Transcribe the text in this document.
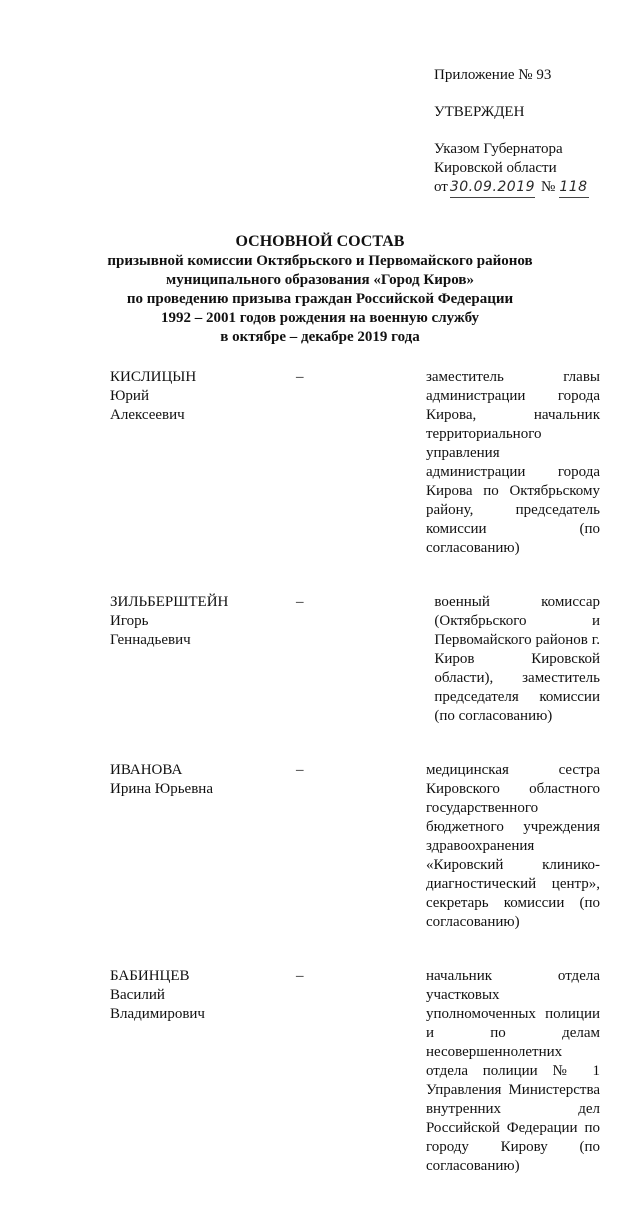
Приложение № 93

УТВЕРЖДЕН

Указом Губернатора

Кировской области

от 30.09.2019 № 118

ОСНОВНОЙ СОСТАВ
призывной комиссии Октябрьского и Первомайского районов
муниципального образования «Город Киров»
по проведению призыва граждан Российской Федерации
1992 – 2001 годов рождения на военную службу
в октябре – декабре 2019 года
КИСЛИЦЫН
Юрий Алексеевич
–	заместитель главы администрации города Кирова, начальник территориального управления администрации города Кирова по Октябрьскому району, председатель комиссии (по согласованию)
ЗИЛЬБЕРШТЕЙН
Игорь Геннадьевич
–	военный комиссар (Октябрьского и Первомайского районов г. Киров Кировской области), заместитель председателя комиссии (по согласованию)
ИВАНОВА
Ирина Юрьевна
–	медицинская сестра Кировского областного государственного бюджетного учреждения здравоохранения «Кировский клинико-диагностический центр», секретарь комиссии (по согласованию)
БАБИНЦЕВ
Василий Владимирович
–	начальник отдела участковых уполномоченных полиции и по делам несовершеннолетних отдела полиции № 1 Управления Министерства внутренних дел Российской Федерации по городу Кирову (по согласованию)
